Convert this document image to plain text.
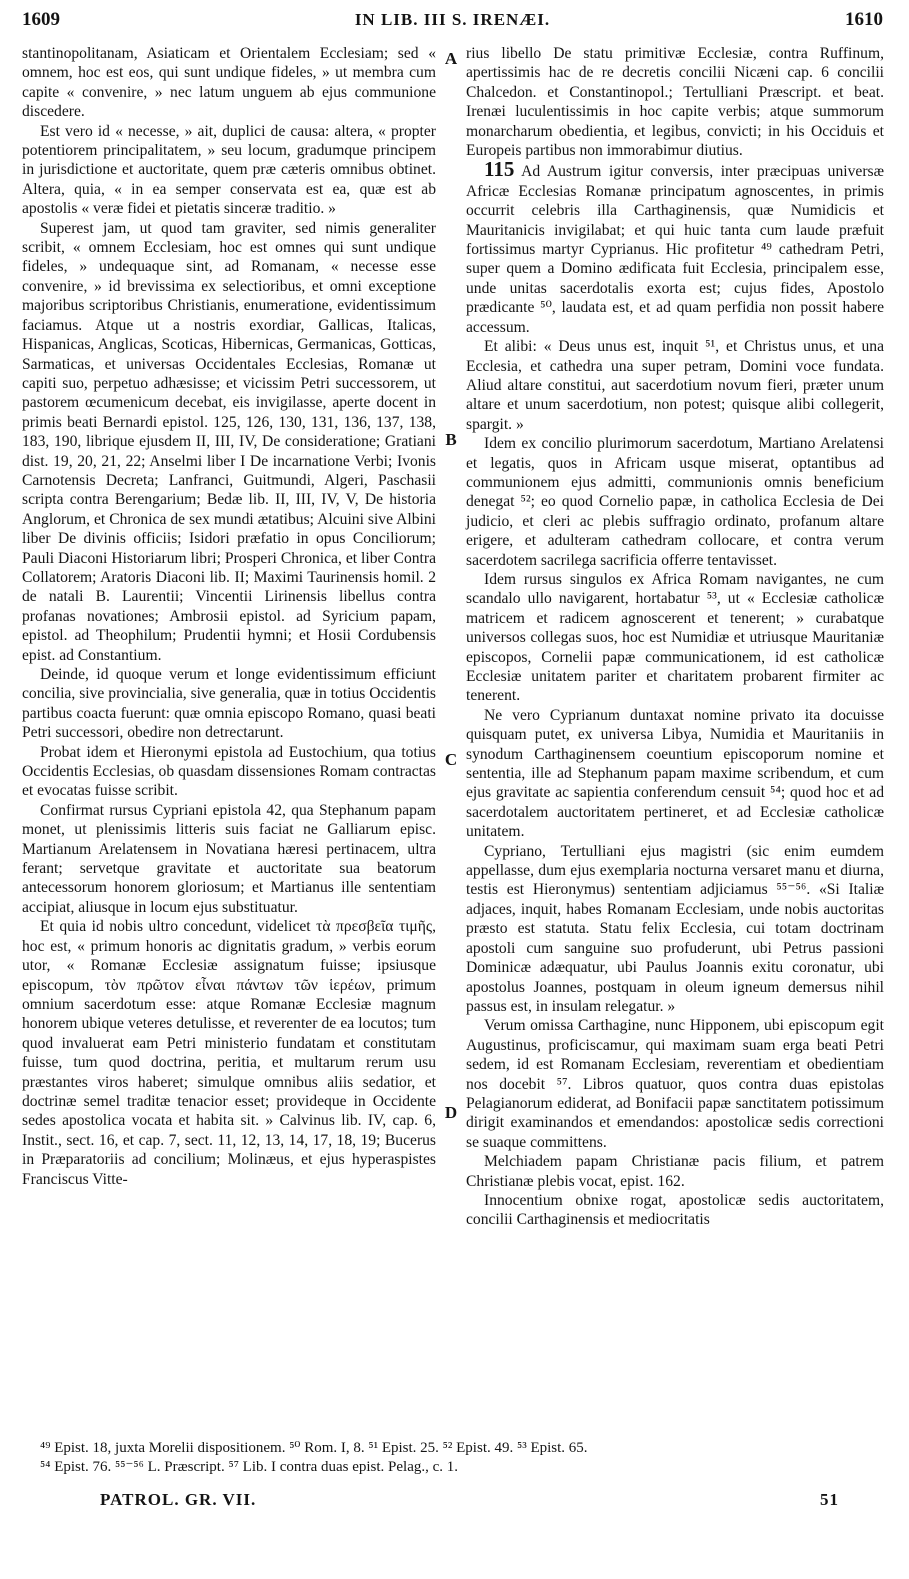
1609	IN LIB. III S. IRENÆI.	1610

stantinopolitanam, Asiaticam et Orientalem Ecclesiam; sed « omnem, hoc est eos, qui sunt undique fideles, » ut membra cum capite « convenire, » nec latum unguem ab ejus communione discedere.

Est vero id « necesse, » ait, duplici de causa: altera, « propter potentiorem principalitatem, » seu locum, gradumque principem in jurisdictione et auctoritate, quem præ cæteris omnibus obtinet. Altera, quia, « in ea semper conservata est ea, quæ est ab apostolis « veræ fidei et pietatis sinceræ traditio. »

Superest jam, ut quod tam graviter, sed nimis generaliter scribit, « omnem Ecclesiam, hoc est omnes qui sunt undique fideles, » undequaque sint, ad Romanam, « necesse esse convenire, » id brevissima ex selectioribus, et omni exceptione majoribus scriptoribus Christianis, enumeratione, evidentissimum faciamus. Atque ut a nostris exordiar, Gallicas, Italicas, Hispanicas, Anglicas, Scoticas, Hibernicas, Germanicas, Gotticas, Sarmaticas, et universas Occidentales Ecclesias, Romanæ ut capiti suo, perpetuo adhæsisse; et vicissim Petri successorem, ut pastorem œcumenicum decebat, eis invigilasse, aperte docent in primis beati Bernardi epistol. 125, 126, 130, 131, 136, 137, 138, 183, 190, librique ejusdem II, III, IV, De consideratione; Gratiani dist. 19, 20, 21, 22; Anselmi liber I De incarnatione Verbi; Ivonis Carnotensis Decreta; Lanfranci, Guitmundi, Algeri, Paschasii scripta contra Berengarium; Bedæ lib. II, III, IV, V, De historia Anglorum, et Chronica de sex mundi ætatibus; Alcuini sive Albini liber De divinis officiis; Isidori præfatio in opus Conciliorum; Pauli Diaconi Historiarum libri; Prosperi Chronica, et liber Contra Collatorem; Aratoris Diaconi lib. II; Maximi Taurinensis homil. 2 de natali B. Laurentii; Vincentii Lirinensis libellus contra profanas novationes; Ambrosii epistol. ad Syricium papam, epistol. ad Theophilum; Prudentii hymni; et Hosii Cordubensis epist. ad Constantium.

Deinde, id quoque verum et longe evidentissimum efficiunt concilia, sive provincialia, sive generalia, quæ in totius Occidentis partibus coacta fuerunt: quæ omnia episcopo Romano, quasi beati Petri successori, obedire non detrectarunt.

Probat idem et Hieronymi epistola ad Eustochium, qua totius Occidentis Ecclesias, ob quasdam dissensiones Romam contractas et evocatas fuisse scribit.

Confirmat rursus Cypriani epistola 42, qua Stephanum papam monet, ut plenissimis litteris suis faciat ne Galliarum episc. Martianum Arelatensem in Novatiana hæresi pertinacem, ultra ferant; servetque gravitate et auctoritate sua beatorum antecessorum honorem gloriosum; et Martianus ille sententiam accipiat, aliusque in locum ejus substituatur.

Et quia id nobis ultro concedunt, videlicet τὰ πρεσβεῖα τιμῆς, hoc est, « primum honoris ac dignitatis gradum, » verbis eorum utor, « Romanæ Ecclesiæ assignatum fuisse; ipsiusque episcopum, τὸν πρῶτον εἶναι πάντων τῶν ἱερέων, primum omnium sacerdotum esse: atque Romanæ Ecclesiæ magnum honorem ubique veteres detulisse, et reverenter de ea locutos; tum quod invaluerat eam Petri ministerio fundatam et constitutam fuisse, tum quod doctrina, peritia, et multarum rerum usu præstantes viros haberet; simulque omnibus aliis sedatior, et doctrinæ semel traditæ tenacior esset; provideque in Occidente sedes apostolica vocata et habita sit. » Calvinus lib. IV, cap. 6, Instit., sect. 16, et cap. 7, sect. 11, 12, 13, 14, 17, 18, 19; Bucerus in Præparatoriis ad concilium; Molinæus, et ejus hyperaspistes Franciscus Vitte-

A
B
C
D

rius libello De statu primitivæ Ecclesiæ, contra Ruffinum, apertissimis hac de re decretis concilii Nicæni cap. 6 concilii Chalcedon. et Constantinopol.; Tertulliani Præscript. et beat. Irenæi luculentissimis in hoc capite verbis; atque summorum monarcharum obedientia, et legibus, convicti; in his Occiduis et Europeis partibus non immorabimur diutius.

115 Ad Austrum igitur conversis, inter præcipuas universæ Africæ Ecclesias Romanæ principatum agnoscentes, in primis occurrit celebris illa Carthaginensis, quæ Numidicis et Mauritanicis invigilabat; et qui huic tanta cum laude præfuit fortissimus martyr Cyprianus. Hic profitetur ⁴⁹ cathedram Petri, super quem a Domino ædificata fuit Ecclesia, principalem esse, unde unitas sacerdotalis exorta est; cujus fides, Apostolo prædicante ⁵⁰, laudata est, et ad quam perfidia non possit habere accessum.

Et alibi: « Deus unus est, inquit ⁵¹, et Christus unus, et una Ecclesia, et cathedra una super petram, Domini voce fundata. Aliud altare constitui, aut sacerdotium novum fieri, præter unum altare et unum sacerdotium, non potest; quisque alibi collegerit, spargit. »

Idem ex concilio plurimorum sacerdotum, Martiano Arelatensi et legatis, quos in Africam usque miserat, optantibus ad communionem ejus admitti, communionis omnis beneficium denegat ⁵²; eo quod Cornelio papæ, in catholica Ecclesia de Dei judicio, et cleri ac plebis suffragio ordinato, profanum altare erigere, et adulteram cathedram collocare, et contra verum sacerdotem sacrilega sacrificia offerre tentavisset.

Idem rursus singulos ex Africa Romam navigantes, ne cum scandalo ullo navigarent, hortabatur ⁵³, ut « Ecclesiæ catholicæ matricem et radicem agnoscerent et tenerent; » curabatque universos collegas suos, hoc est Numidiæ et utriusque Mauritaniæ episcopos, Cornelii papæ communicationem, id est catholicæ Ecclesiæ unitatem pariter et charitatem probarent firmiter ac tenerent.

Ne vero Cyprianum duntaxat nomine privato ita docuisse quisquam putet, ex universa Libya, Numidia et Mauritaniis in synodum Carthaginensem coeuntium episcoporum nomine et sententia, ille ad Stephanum papam maxime scribendum, et cum ejus gravitate ac sapientia conferendum censuit ⁵⁴; quod hoc et ad sacerdotalem auctoritatem pertineret, et ad Ecclesiæ catholicæ unitatem.

Cypriano, Tertulliani ejus magistri (sic enim eumdem appellasse, dum ejus exemplaria nocturna versaret manu et diurna, testis est Hieronymus) sententiam adjiciamus ⁵⁵⁻⁵⁶. «Si Italiæ adjaces, inquit, habes Romanam Ecclesiam, unde nobis auctoritas præsto est statuta. Statu felix Ecclesia, cui totam doctrinam apostoli cum sanguine suo profuderunt, ubi Petrus passioni Dominicæ adæquatur, ubi Paulus Joannis exitu coronatur, ubi apostolus Joannes, postquam in oleum igneum demersus nihil passus est, in insulam relegatur. »

Verum omissa Carthagine, nunc Hipponem, ubi episcopum egit Augustinus, proficiscamur, qui maximam suam erga beati Petri sedem, id est Romanam Ecclesiam, reverentiam et obedientiam nos docebit ⁵⁷. Libros quatuor, quos contra duas epistolas Pelagianorum ediderat, ad Bonifacii papæ sanctitatem potissimum dirigit examinandos et emendandos: apostolicæ sedis correctioni se suaque committens.

Melchiadem papam Christianæ pacis filium, et patrem Christianæ plebis vocat, epist. 162.

Innocentium obnixe rogat, apostolicæ sedis auctoritatem, concilii Carthaginensis et mediocritatis

⁴⁹ Epist. 18, juxta Morelii dispositionem. ⁵⁰ Rom. I, 8. ⁵¹ Epist. 25. ⁵² Epist. 49. ⁵³ Epist. 65.

⁵⁴ Epist. 76. ⁵⁵⁻⁵⁶ L. Præscript. ⁵⁷ Lib. I contra duas epist. Pelag., c. 1.

PATROL. GR. VII.	51
